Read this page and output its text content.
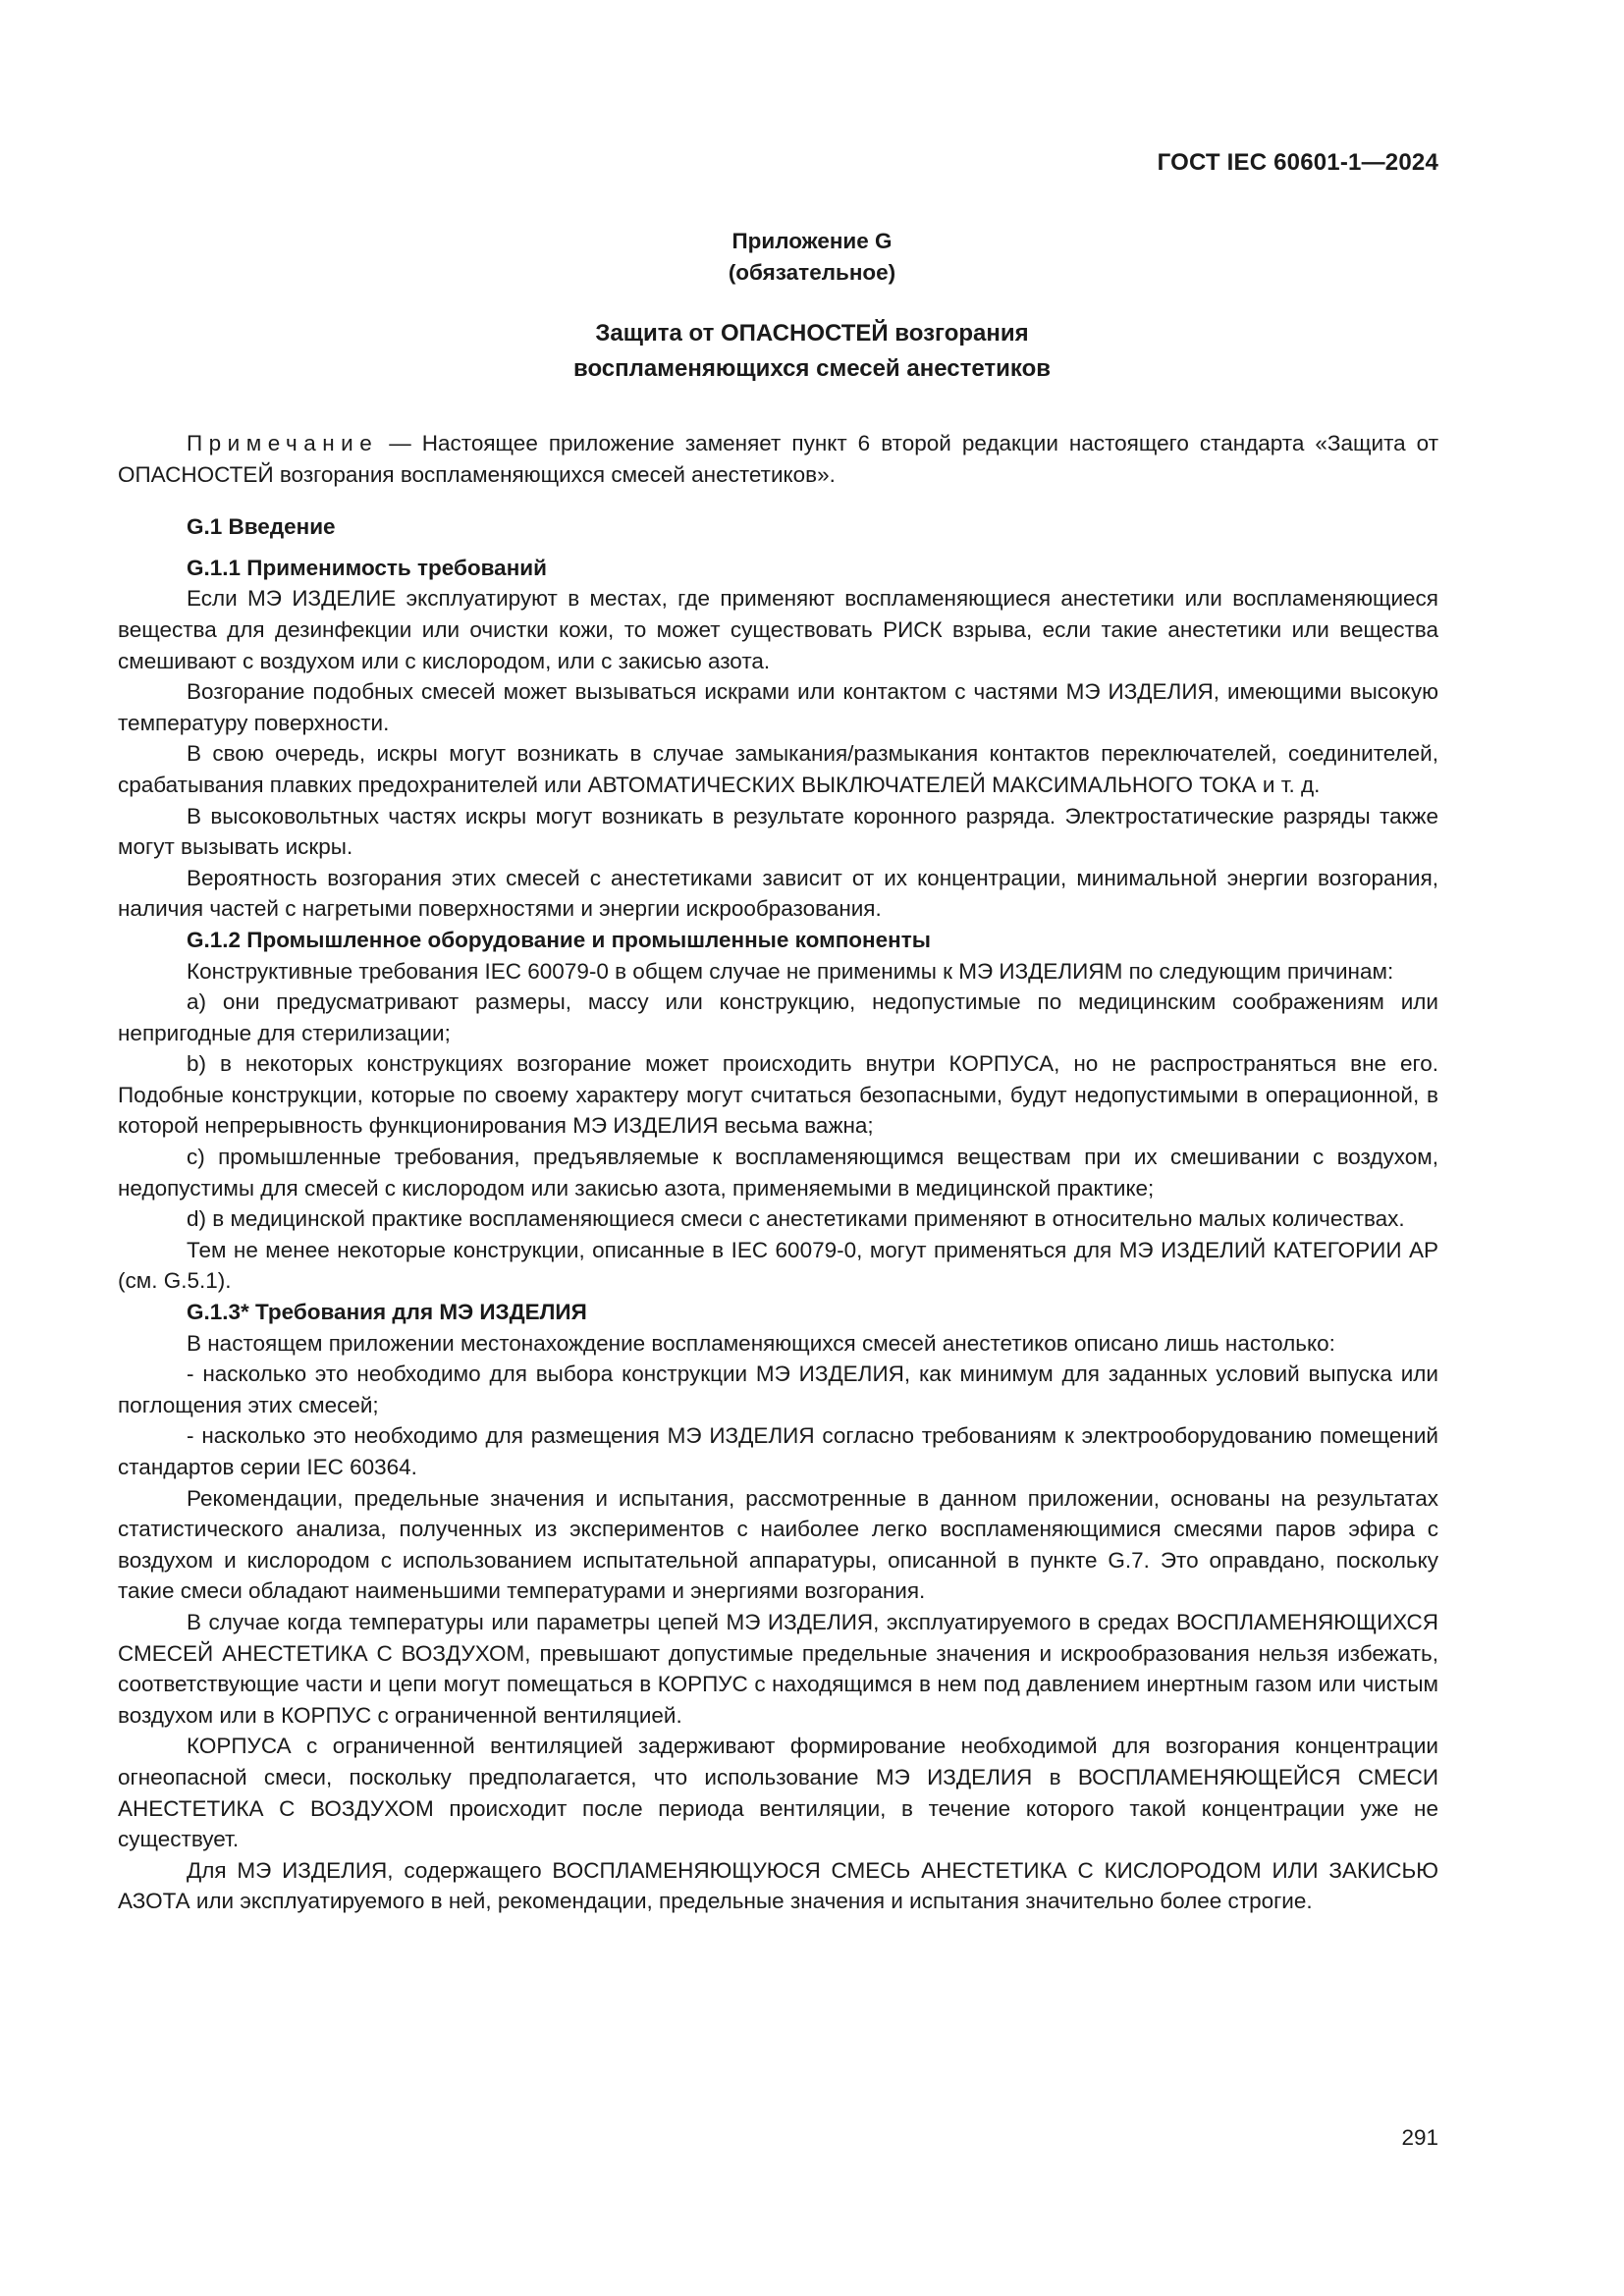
ГОСТ IEC 60601-1—2024
Приложение G
(обязательное)
Защита от ОПАСНОСТЕЙ возгорания
воспламеняющихся смесей анестетиков

Примечание — Настоящее приложение заменяет пункт 6 второй редакции настоящего стандарта «Защита от ОПАСНОСТЕЙ возгорания воспламеняющихся смесей анестетиков».

G.1 Введение
G.1.1 Применимость требований

Если МЭ ИЗДЕЛИЕ эксплуатируют в местах, где применяют воспламеняющиеся анестетики или воспламеняющиеся вещества для дезинфекции или очистки кожи, то может существовать РИСК взрыва, если такие анестетики или вещества смешивают с воздухом или с кислородом, или с закисью азота.

Возгорание подобных смесей может вызываться искрами или контактом с частями МЭ ИЗДЕЛИЯ, имеющими высокую температуру поверхности.

В свою очередь, искры могут возникать в случае замыкания/размыкания контактов переключателей, соединителей, срабатывания плавких предохранителей или АВТОМАТИЧЕСКИХ ВЫКЛЮЧАТЕЛЕЙ МАКСИМАЛЬНОГО ТОКА и т. д.

В высоковольтных частях искры могут возникать в результате коронного разряда. Электростатические разряды также могут вызывать искры.

Вероятность возгорания этих смесей с анестетиками зависит от их концентрации, минимальной энергии возгорания, наличия частей с нагретыми поверхностями и энергии искрообразования.

G.1.2 Промышленное оборудование и промышленные компоненты

Конструктивные требования IEC 60079-0 в общем случае не применимы к МЭ ИЗДЕЛИЯМ по следующим причинам:

a) они предусматривают размеры, массу или конструкцию, недопустимые по медицинским соображениям или непригодные для стерилизации;

b) в некоторых конструкциях возгорание может происходить внутри КОРПУСА, но не распространяться вне его. Подобные конструкции, которые по своему характеру могут считаться безопасными, будут недопустимыми в операционной, в которой непрерывность функционирования МЭ ИЗДЕЛИЯ весьма важна;

c) промышленные требования, предъявляемые к воспламеняющимся веществам при их смешивании с воздухом, недопустимы для смесей с кислородом или закисью азота, применяемыми в медицинской практике;

d) в медицинской практике воспламеняющиеся смеси с анестетиками применяют в относительно малых количествах.

Тем не менее некоторые конструкции, описанные в IEC 60079-0, могут применяться для МЭ ИЗДЕЛИЙ КАТЕГОРИИ AP (см. G.5.1).

G.1.3* Требования для МЭ ИЗДЕЛИЯ

В настоящем приложении местонахождение воспламеняющихся смесей анестетиков описано лишь настолько:

- насколько это необходимо для выбора конструкции МЭ ИЗДЕЛИЯ, как минимум для заданных условий выпуска или поглощения этих смесей;

- насколько это необходимо для размещения МЭ ИЗДЕЛИЯ согласно требованиям к электрооборудованию помещений стандартов серии IEC 60364.

Рекомендации, предельные значения и испытания, рассмотренные в данном приложении, основаны на результатах статистического анализа, полученных из экспериментов с наиболее легко воспламеняющимися смесями паров эфира с воздухом и кислородом с использованием испытательной аппаратуры, описанной в пункте G.7. Это оправдано, поскольку такие смеси обладают наименьшими температурами и энергиями возгорания.

В случае когда температуры или параметры цепей МЭ ИЗДЕЛИЯ, эксплуатируемого в средах ВОСПЛАМЕНЯЮЩИХСЯ СМЕСЕЙ АНЕСТЕТИКА С ВОЗДУХОМ, превышают допустимые предельные значения и искрообразования нельзя избежать, соответствующие части и цепи могут помещаться в КОРПУС с находящимся в нем под давлением инертным газом или чистым воздухом или в КОРПУС с ограниченной вентиляцией.

КОРПУСА с ограниченной вентиляцией задерживают формирование необходимой для возгорания концентрации огнеопасной смеси, поскольку предполагается, что использование МЭ ИЗДЕЛИЯ в ВОСПЛАМЕНЯЮЩЕЙСЯ СМЕСИ АНЕСТЕТИКА С ВОЗДУХОМ происходит после периода вентиляции, в течение которого такой концентрации уже не существует.

Для МЭ ИЗДЕЛИЯ, содержащего ВОСПЛАМЕНЯЮЩУЮСЯ СМЕСЬ АНЕСТЕТИКА С КИСЛОРОДОМ ИЛИ ЗАКИСЬЮ АЗОТА или эксплуатируемого в ней, рекомендации, предельные значения и испытания значительно более строгие.

291
